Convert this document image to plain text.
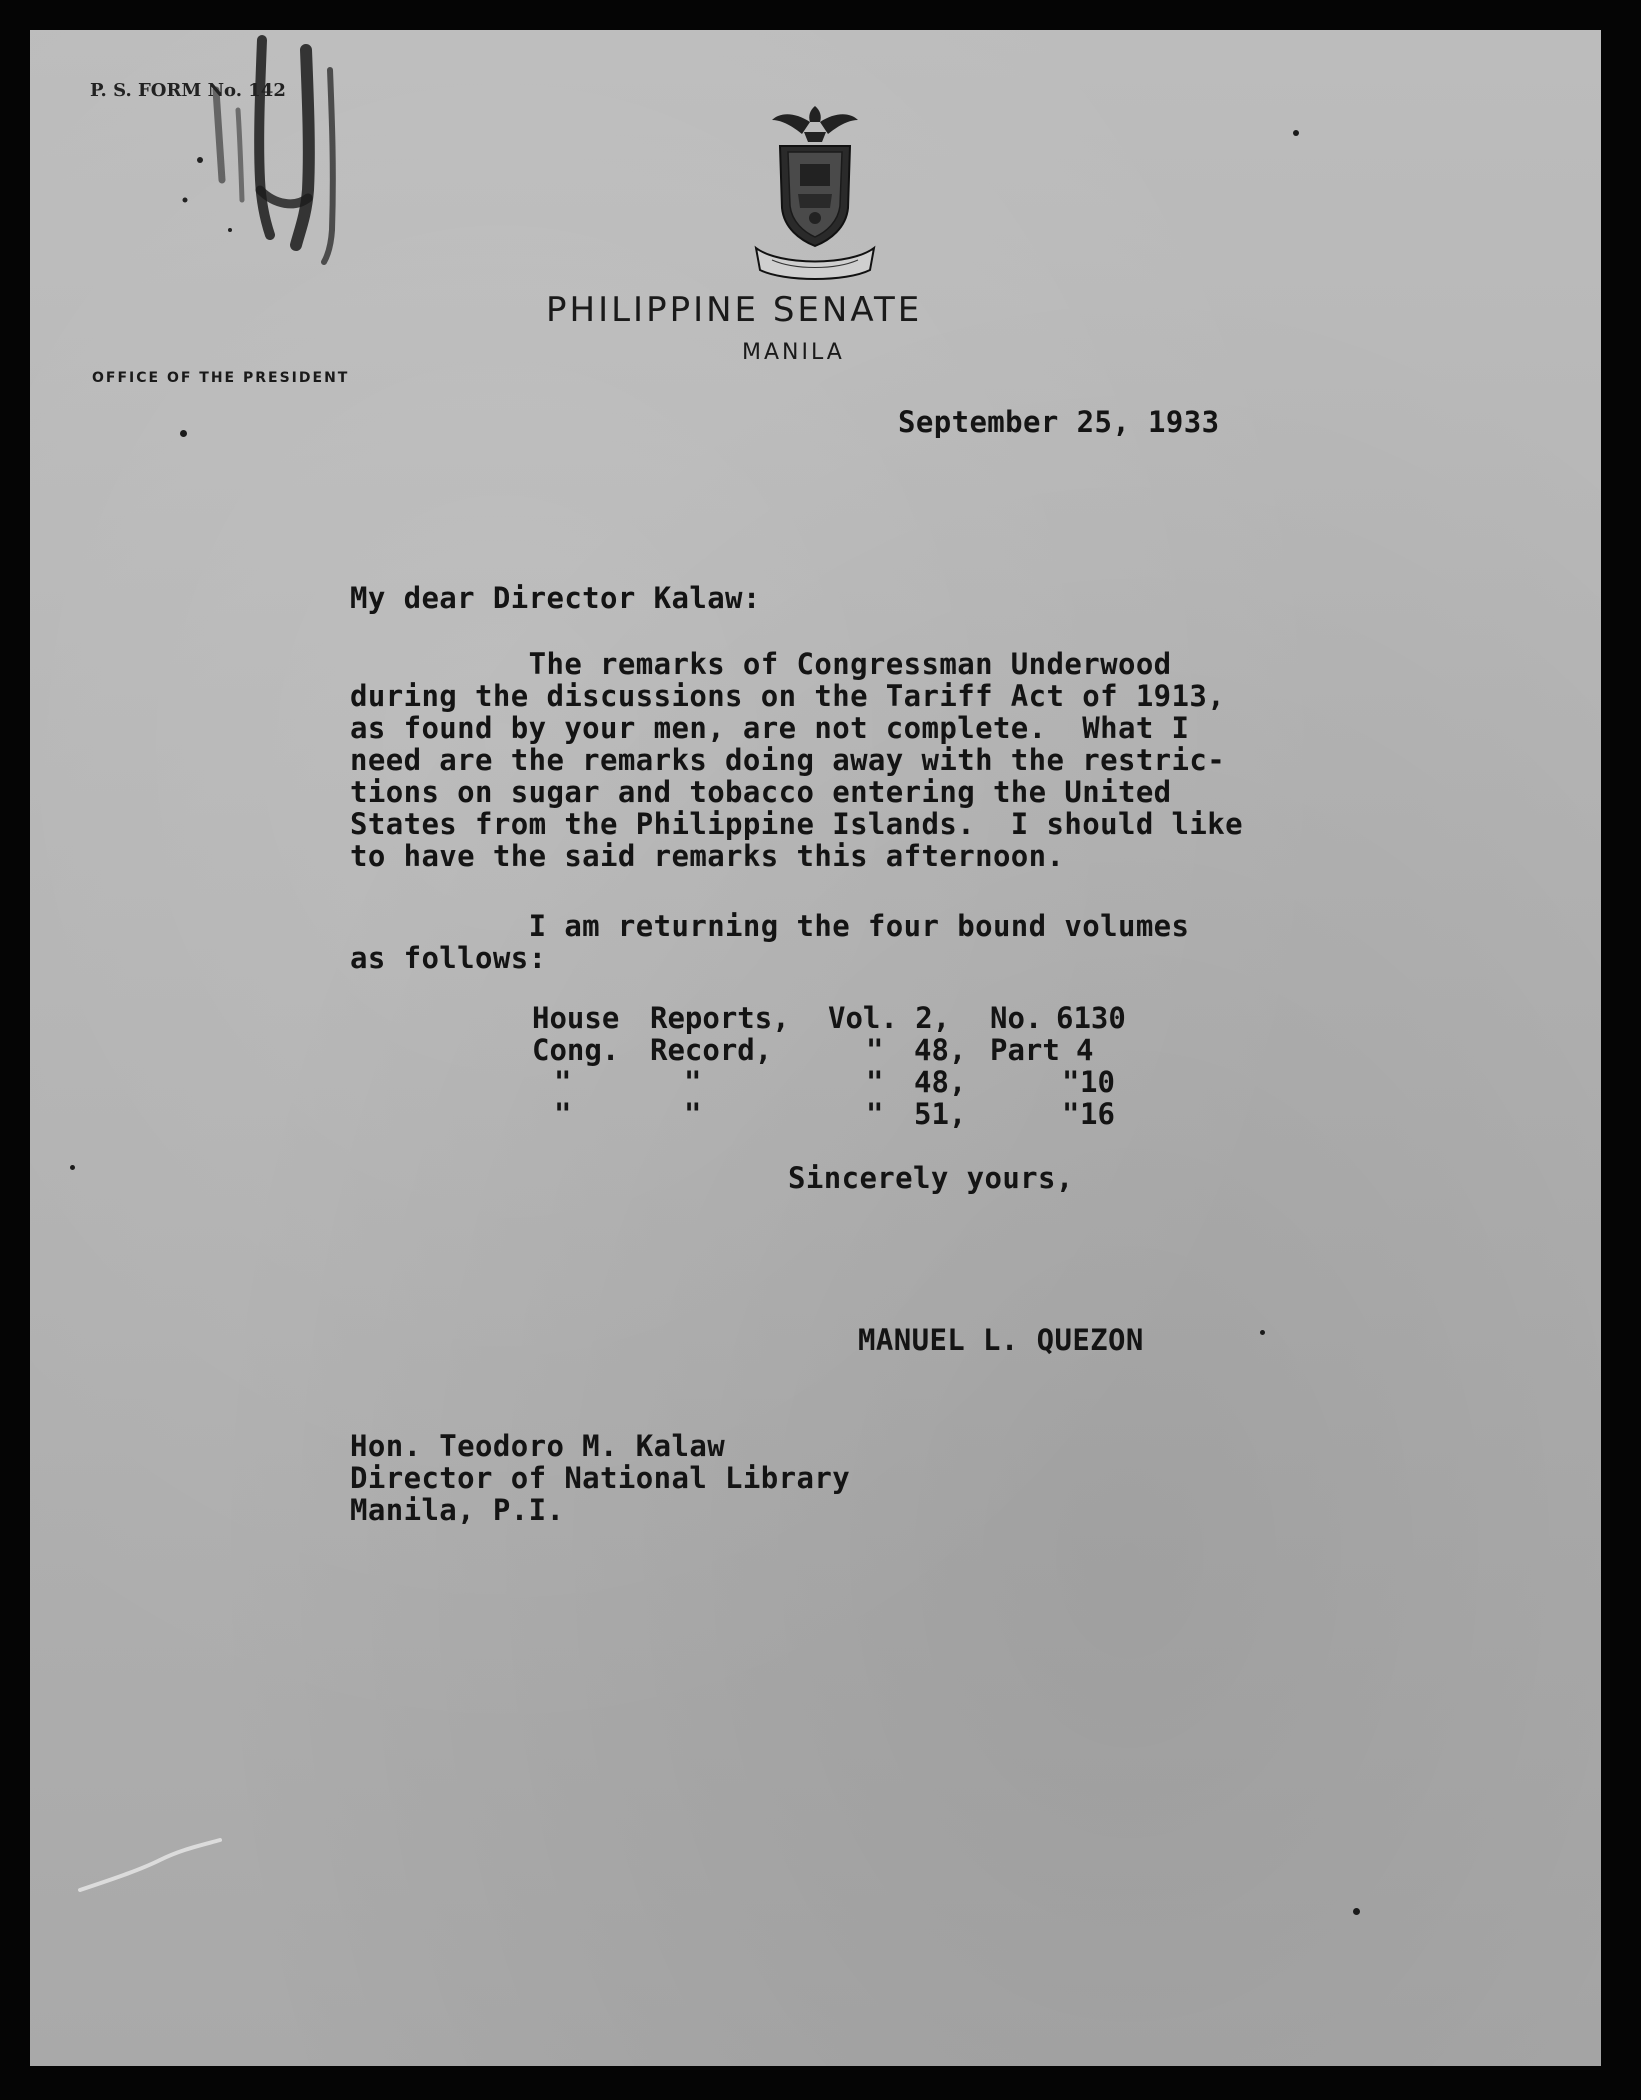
P. S. FORM No. 142
PHILIPPINE SENATE
MANILA
OFFICE OF THE PRESIDENT
September 25, 1933
My dear Director Kalaw:
The remarks of Congressman Underwood
during the discussions on the Tariff Act of 1913,
as found by your men, are not complete.  What I
need are the remarks doing away with the restric-
tions on sugar and tobacco entering the United
States from the Philippine Islands.  I should like
to have the said remarks this afternoon.
I am returning the four bound volumes
as follows:
House Reports, Vol. 2, No. 6130
Cong. Record,	" 48, Part 4
"	"	" 48,	" 10
"	"	" 51,	" 16
Sincerely yours,
MANUEL L. QUEZON
Hon. Teodoro M. Kalaw
Director of National Library
Manila, P.I.
